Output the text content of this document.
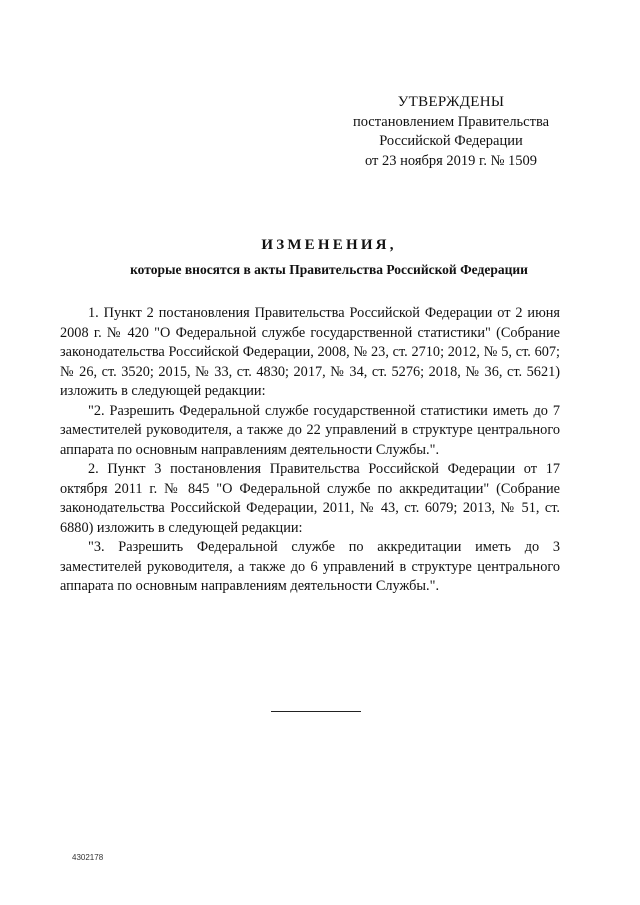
УТВЕРЖДЕНЫ
постановлением Правительства
Российской Федерации
от 23 ноября 2019 г. № 1509
ИЗМЕНЕНИЯ,
которые вносятся в акты Правительства Российской Федерации

1. Пункт 2 постановления Правительства Российской Федерации от 2 июня 2008 г. № 420 "О Федеральной службе государственной статистики" (Собрание законодательства Российской Федерации, 2008, № 23, ст. 2710; 2012, № 5, ст. 607; № 26, ст. 3520; 2015, № 33, ст. 4830; 2017, № 34, ст. 5276; 2018, № 36, ст. 5621) изложить в следующей редакции:

"2. Разрешить Федеральной службе государственной статистики иметь до 7 заместителей руководителя, а также до 22 управлений в структуре центрального аппарата по основным направлениям деятельности Службы.".

2. Пункт 3 постановления Правительства Российской Федерации от 17 октября 2011 г. № 845 "О Федеральной службе по аккредитации" (Собрание законодательства Российской Федерации, 2011, № 43, ст. 6079; 2013, № 51, ст. 6880) изложить в следующей редакции:

"3. Разрешить Федеральной службе по аккредитации иметь до 3 заместителей руководителя, а также до 6 управлений в структуре центрального аппарата по основным направлениям деятельности Службы.".

4302178
